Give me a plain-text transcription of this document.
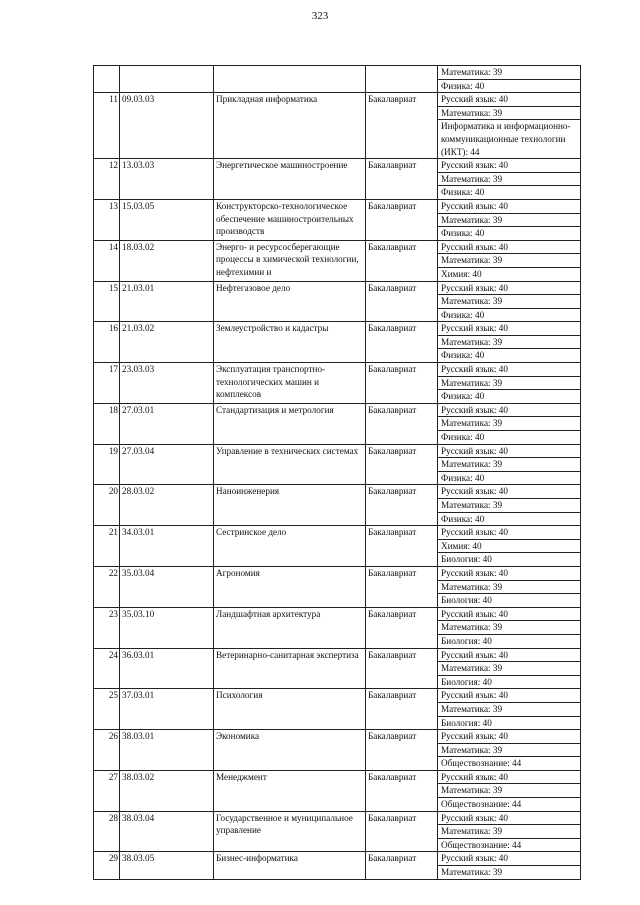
323
				Математика: 39
				Физика: 40
11	09.03.03	Прикладная информатика	Бакалавриат	Русский язык: 40
				Математика: 39
				Информатика и информационно-коммуникационные технологии (ИКТ): 44
12	13.03.03	Энергетическое машиностроение	Бакалавриат	Русский язык: 40
				Математика: 39
				Физика: 40
13	15.03.05	Конструкторско-технологическое обеспечение машиностроительных производств	Бакалавриат	Русский язык: 40
				Математика: 39
				Физика: 40
14	18.03.02	Энерго- и ресурсосберегающие процессы в химической технологии, нефтехимии и	Бакалавриат	Русский язык: 40
				Математика: 39
				Химия: 40
15	21.03.01	Нефтегазовое дело	Бакалавриат	Русский язык: 40
				Математика: 39
				Физика: 40
16	21.03.02	Землеустройство и кадастры	Бакалавриат	Русский язык: 40
				Математика: 39
				Физика: 40
17	23.03.03	Эксплуатация транспортно-технологических машин и комплексов	Бакалавриат	Русский язык: 40
				Математика: 39
				Физика: 40
18	27.03.01	Стандартизация и метрология	Бакалавриат	Русский язык: 40
				Математика: 39
				Физика: 40
19	27.03.04	Управление в технических системах	Бакалавриат	Русский язык: 40
				Математика: 39
				Физика: 40
20	28.03.02	Наноинженерия	Бакалавриат	Русский язык: 40
				Математика: 39
				Физика: 40
21	34.03.01	Сестринское дело	Бакалавриат	Русский язык: 40
				Химия: 40
				Биология: 40
22	35.03.04	Агрономия	Бакалавриат	Русский язык: 40
				Математика: 39
				Биология: 40
23	35.03.10	Ландшафтная архитектура	Бакалавриат	Русский язык: 40
				Математика: 39
				Биология: 40
24	36.03.01	Ветеринарно-санитарная экспертиза	Бакалавриат	Русский язык: 40
				Математика: 39
				Биология: 40
25	37.03.01	Психология	Бакалавриат	Русский язык: 40
				Математика: 39
				Биология: 40
26	38.03.01	Экономика	Бакалавриат	Русский язык: 40
				Математика: 39
				Обществознание: 44
27	38.03.02	Менеджмент	Бакалавриат	Русский язык: 40
				Математика: 39
				Обществознание: 44
28	38.03.04	Государственное и муниципальное управление	Бакалавриат	Русский язык: 40
				Математика: 39
				Обществознание: 44
29	38.03.05	Бизнес-информатика	Бакалавриат	Русский язык: 40
				Математика: 39
